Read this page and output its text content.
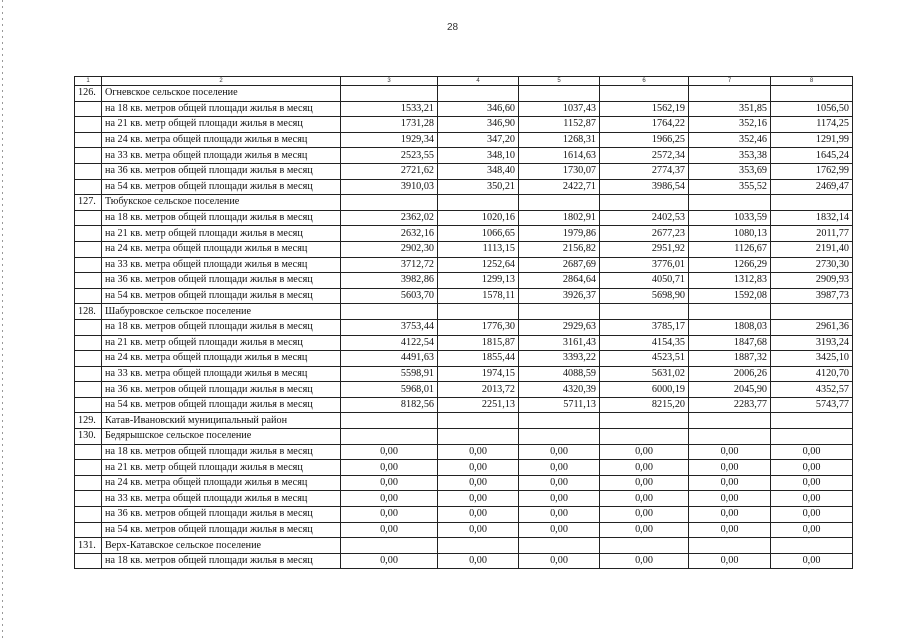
28
1	2	3	4	5	6	7	8
126.	Огневское сельское поселение						
	на 18 кв. метров общей площади жилья в месяц	1533,21	346,60	1037,43	1562,19	351,85	1056,50
	на 21 кв. метр общей площади жилья в месяц	1731,28	346,90	1152,87	1764,22	352,16	1174,25
	на 24 кв. метра общей площади жилья в месяц	1929,34	347,20	1268,31	1966,25	352,46	1291,99
	на 33 кв. метра общей площади жилья в месяц	2523,55	348,10	1614,63	2572,34	353,38	1645,24
	на 36 кв. метров общей площади жилья в месяц	2721,62	348,40	1730,07	2774,37	353,69	1762,99
	на 54 кв. метров общей площади жилья в месяц	3910,03	350,21	2422,71	3986,54	355,52	2469,47
127.	Тюбукское сельское поселение						
	на 18 кв. метров общей площади жилья в месяц	2362,02	1020,16	1802,91	2402,53	1033,59	1832,14
	на 21 кв. метр общей площади жилья в месяц	2632,16	1066,65	1979,86	2677,23	1080,13	2011,77
	на 24 кв. метра общей площади жилья в месяц	2902,30	1113,15	2156,82	2951,92	1126,67	2191,40
	на 33 кв. метра общей площади жилья в месяц	3712,72	1252,64	2687,69	3776,01	1266,29	2730,30
	на 36 кв. метров общей площади жилья в месяц	3982,86	1299,13	2864,64	4050,71	1312,83	2909,93
	на 54 кв. метров общей площади жилья в месяц	5603,70	1578,11	3926,37	5698,90	1592,08	3987,73
128.	Шабуровское сельское поселение						
	на 18 кв. метров общей площади жилья в месяц	3753,44	1776,30	2929,63	3785,17	1808,03	2961,36
	на 21 кв. метр общей площади жилья в месяц	4122,54	1815,87	3161,43	4154,35	1847,68	3193,24
	на 24 кв. метра общей площади жилья в месяц	4491,63	1855,44	3393,22	4523,51	1887,32	3425,10
	на 33 кв. метра общей площади жилья в месяц	5598,91	1974,15	4088,59	5631,02	2006,26	4120,70
	на 36 кв. метров общей площади жилья в месяц	5968,01	2013,72	4320,39	6000,19	2045,90	4352,57
	на 54 кв. метров общей площади жилья в месяц	8182,56	2251,13	5711,13	8215,20	2283,77	5743,77
129.	Катав-Ивановский муниципальный район						
130.	Бедярышское сельское поселение						
	на 18 кв. метров общей площади жилья в месяц	0,00	0,00	0,00	0,00	0,00	0,00
	на 21 кв. метр общей площади жилья в месяц	0,00	0,00	0,00	0,00	0,00	0,00
	на 24 кв. метра общей площади жилья в месяц	0,00	0,00	0,00	0,00	0,00	0,00
	на 33 кв. метра общей площади жилья в месяц	0,00	0,00	0,00	0,00	0,00	0,00
	на 36 кв. метров общей площади жилья в месяц	0,00	0,00	0,00	0,00	0,00	0,00
	на 54 кв. метров общей площади жилья в месяц	0,00	0,00	0,00	0,00	0,00	0,00
131.	Верх-Катавское сельское поселение						
	на 18 кв. метров общей площади жилья в месяц	0,00	0,00	0,00	0,00	0,00	0,00
